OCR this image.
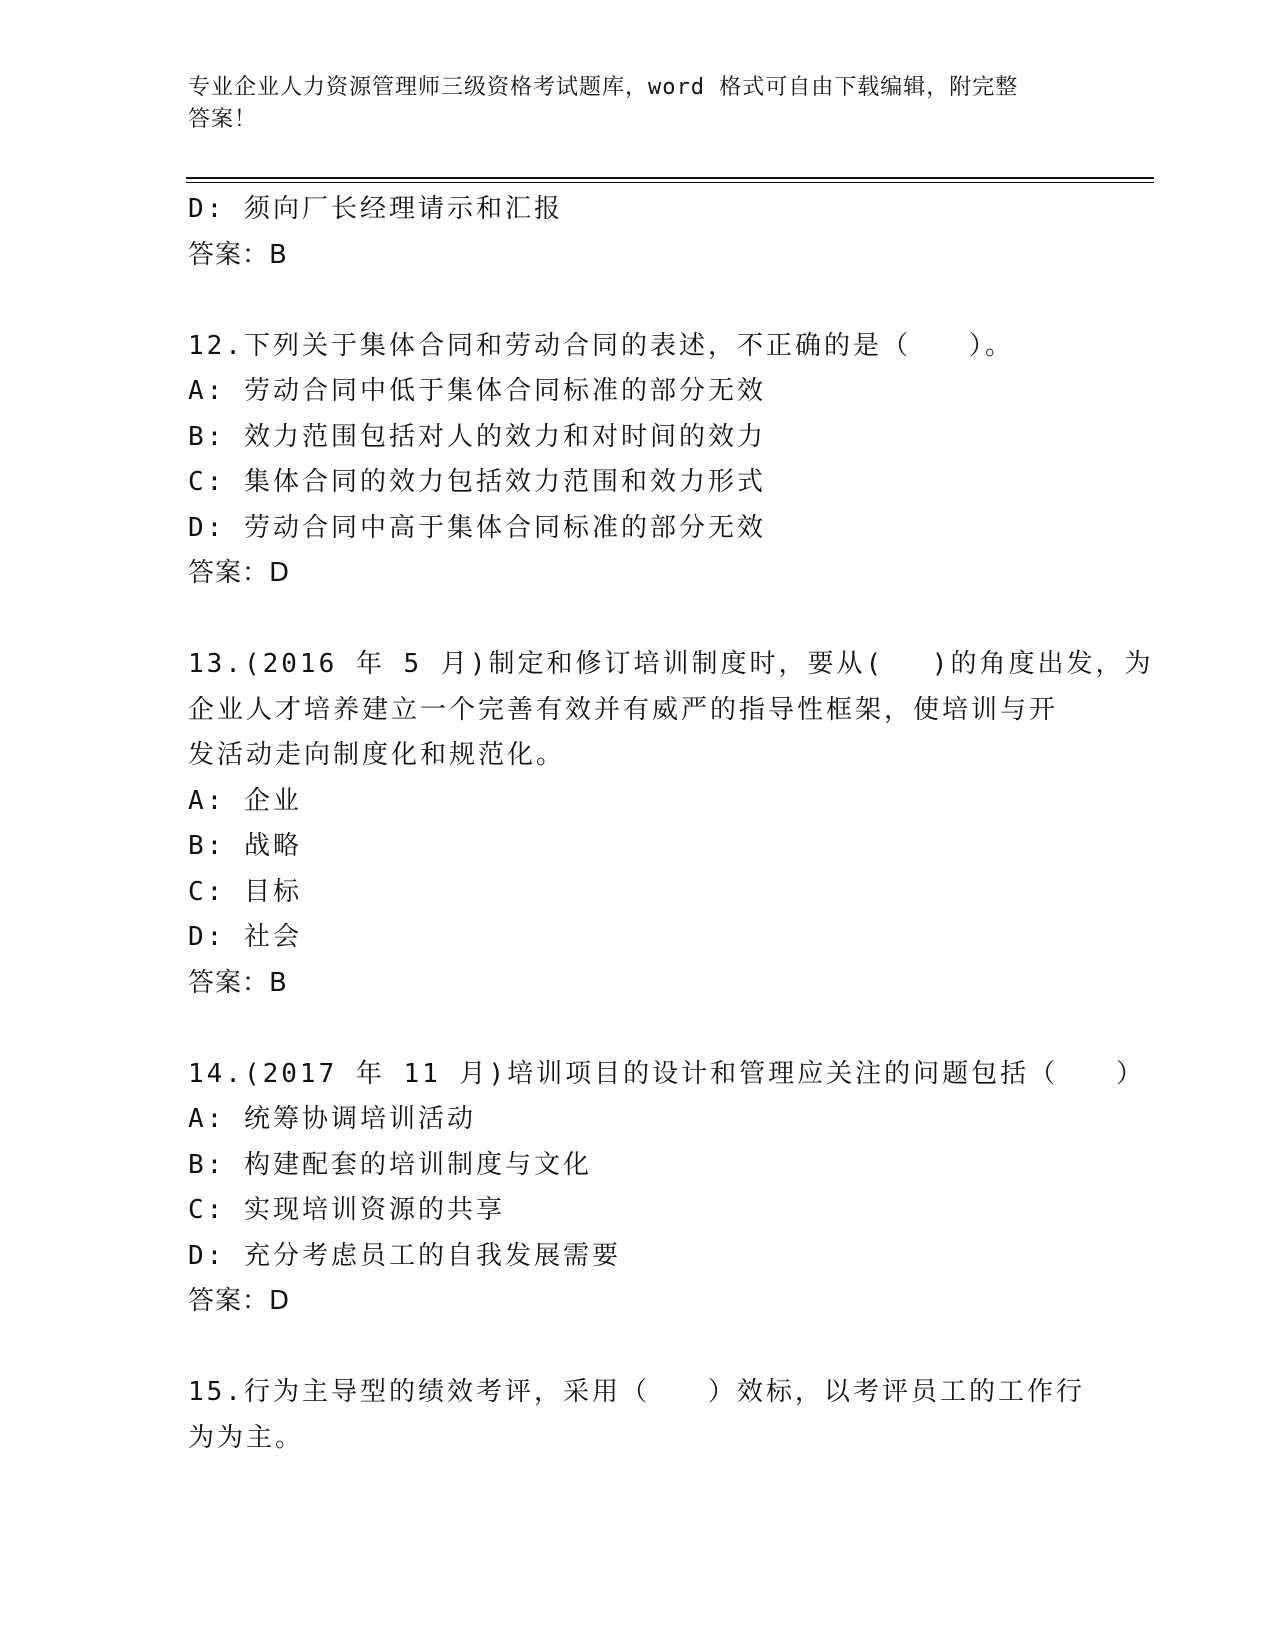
专业企业人力资源管理师三级资格考试题库，word 格式可自由下载编辑，附完整
答案！
D: 须向厂长经理请示和汇报
答案：B
12.下列关于集体合同和劳动合同的表述，不正确的是（　　）。
A: 劳动合同中低于集体合同标准的部分无效
B: 效力范围包括对人的效力和对时间的效力
C: 集体合同的效力包括效力范围和效力形式
D: 劳动合同中高于集体合同标准的部分无效
答案：D
13.(2016 年 5 月)制定和修订培训制度时，要从(　 )的角度出发，为
企业人才培养建立一个完善有效并有威严的指导性框架，使培训与开
发活动走向制度化和规范化。
A: 企业
B: 战略
C: 目标
D: 社会
答案：B
14.(2017 年 11 月)培训项目的设计和管理应关注的问题包括（　　）
A: 统筹协调培训活动
B: 构建配套的培训制度与文化
C: 实现培训资源的共享
D: 充分考虑员工的自我发展需要
答案：D
15.行为主导型的绩效考评，采用（　　）效标，以考评员工的工作行
为为主。
